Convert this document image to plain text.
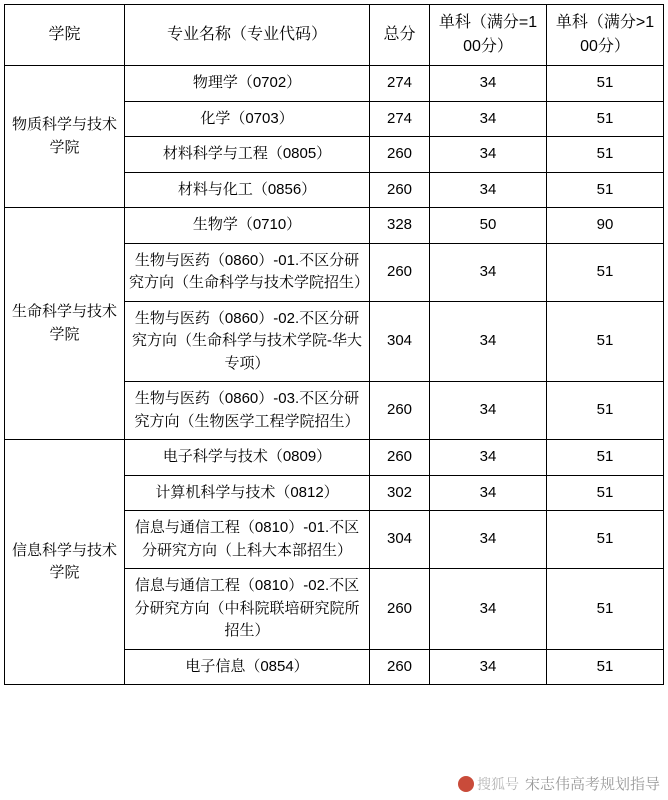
学院	专业名称（专业代码）	总分	单科（满分=100分）	单科（满分>100分）
物质科学与技术学院	物理学（0702）	274	34	51
	化学（0703）	274	34	51
	材料科学与工程（0805）	260	34	51
	材料与化工（0856）	260	34	51
生命科学与技术学院	生物学（0710）	328	50	90
	生物与医药（0860）-01.不区分研究方向（生命科学与技术学院招生）	260	34	51
	生物与医药（0860）-02.不区分研究方向（生命科学与技术学院-华大专项）	304	34	51
	生物与医药（0860）-03.不区分研究方向（生物医学工程学院招生）	260	34	51
信息科学与技术学院	电子科学与技术（0809）	260	34	51
	计算机科学与技术（0812）	302	34	51
	信息与通信工程（0810）-01.不区分研究方向（上科大本部招生）	304	34	51
	信息与通信工程（0810）-02.不区分研究方向（中科院联培研究院所招生）	260	34	51
	电子信息（0854）	260	34	51
搜狐号 宋志伟高考规划指导
